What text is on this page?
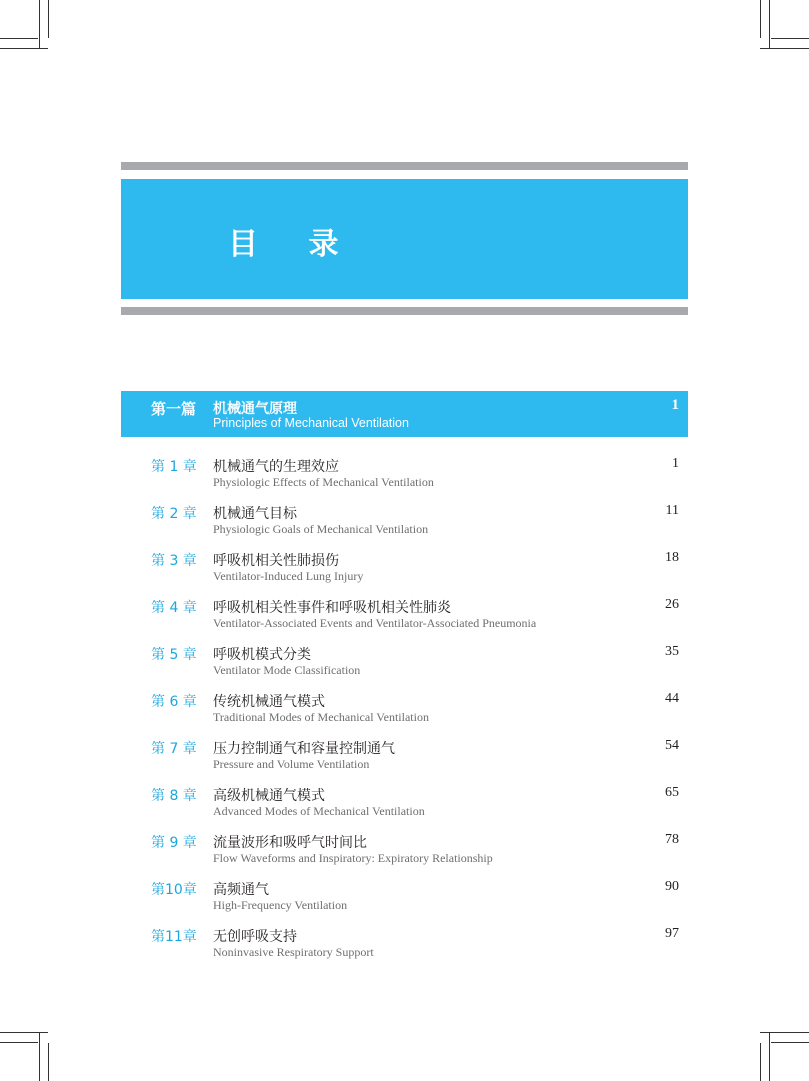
目 录
第一篇 机械通气原理
Principles of Mechanical Ventilation
1
第 1 章 机械通气的生理效应
Physiologic Effects of Mechanical Ventilation
1
第 2 章 机械通气目标
Physiologic Goals of Mechanical Ventilation
11
第 3 章 呼吸机相关性肺损伤
Ventilator-Induced Lung Injury
18
第 4 章 呼吸机相关性事件和呼吸机相关性肺炎
Ventilator-Associated Events and Ventilator-Associated Pneumonia
26
第 5 章 呼吸机模式分类
Ventilator Mode Classification
35
第 6 章 传统机械通气模式
Traditional Modes of Mechanical Ventilation
44
第 7 章 压力控制通气和容量控制通气
Pressure and Volume Ventilation
54
第 8 章 高级机械通气模式
Advanced Modes of Mechanical Ventilation
65
第 9 章 流量波形和吸呼气时间比
Flow Waveforms and Inspiratory: Expiratory Relationship
78
第10章 高频通气
High-Frequency Ventilation
90
第11章 无创呼吸支持
Noninvasive Respiratory Support
97
